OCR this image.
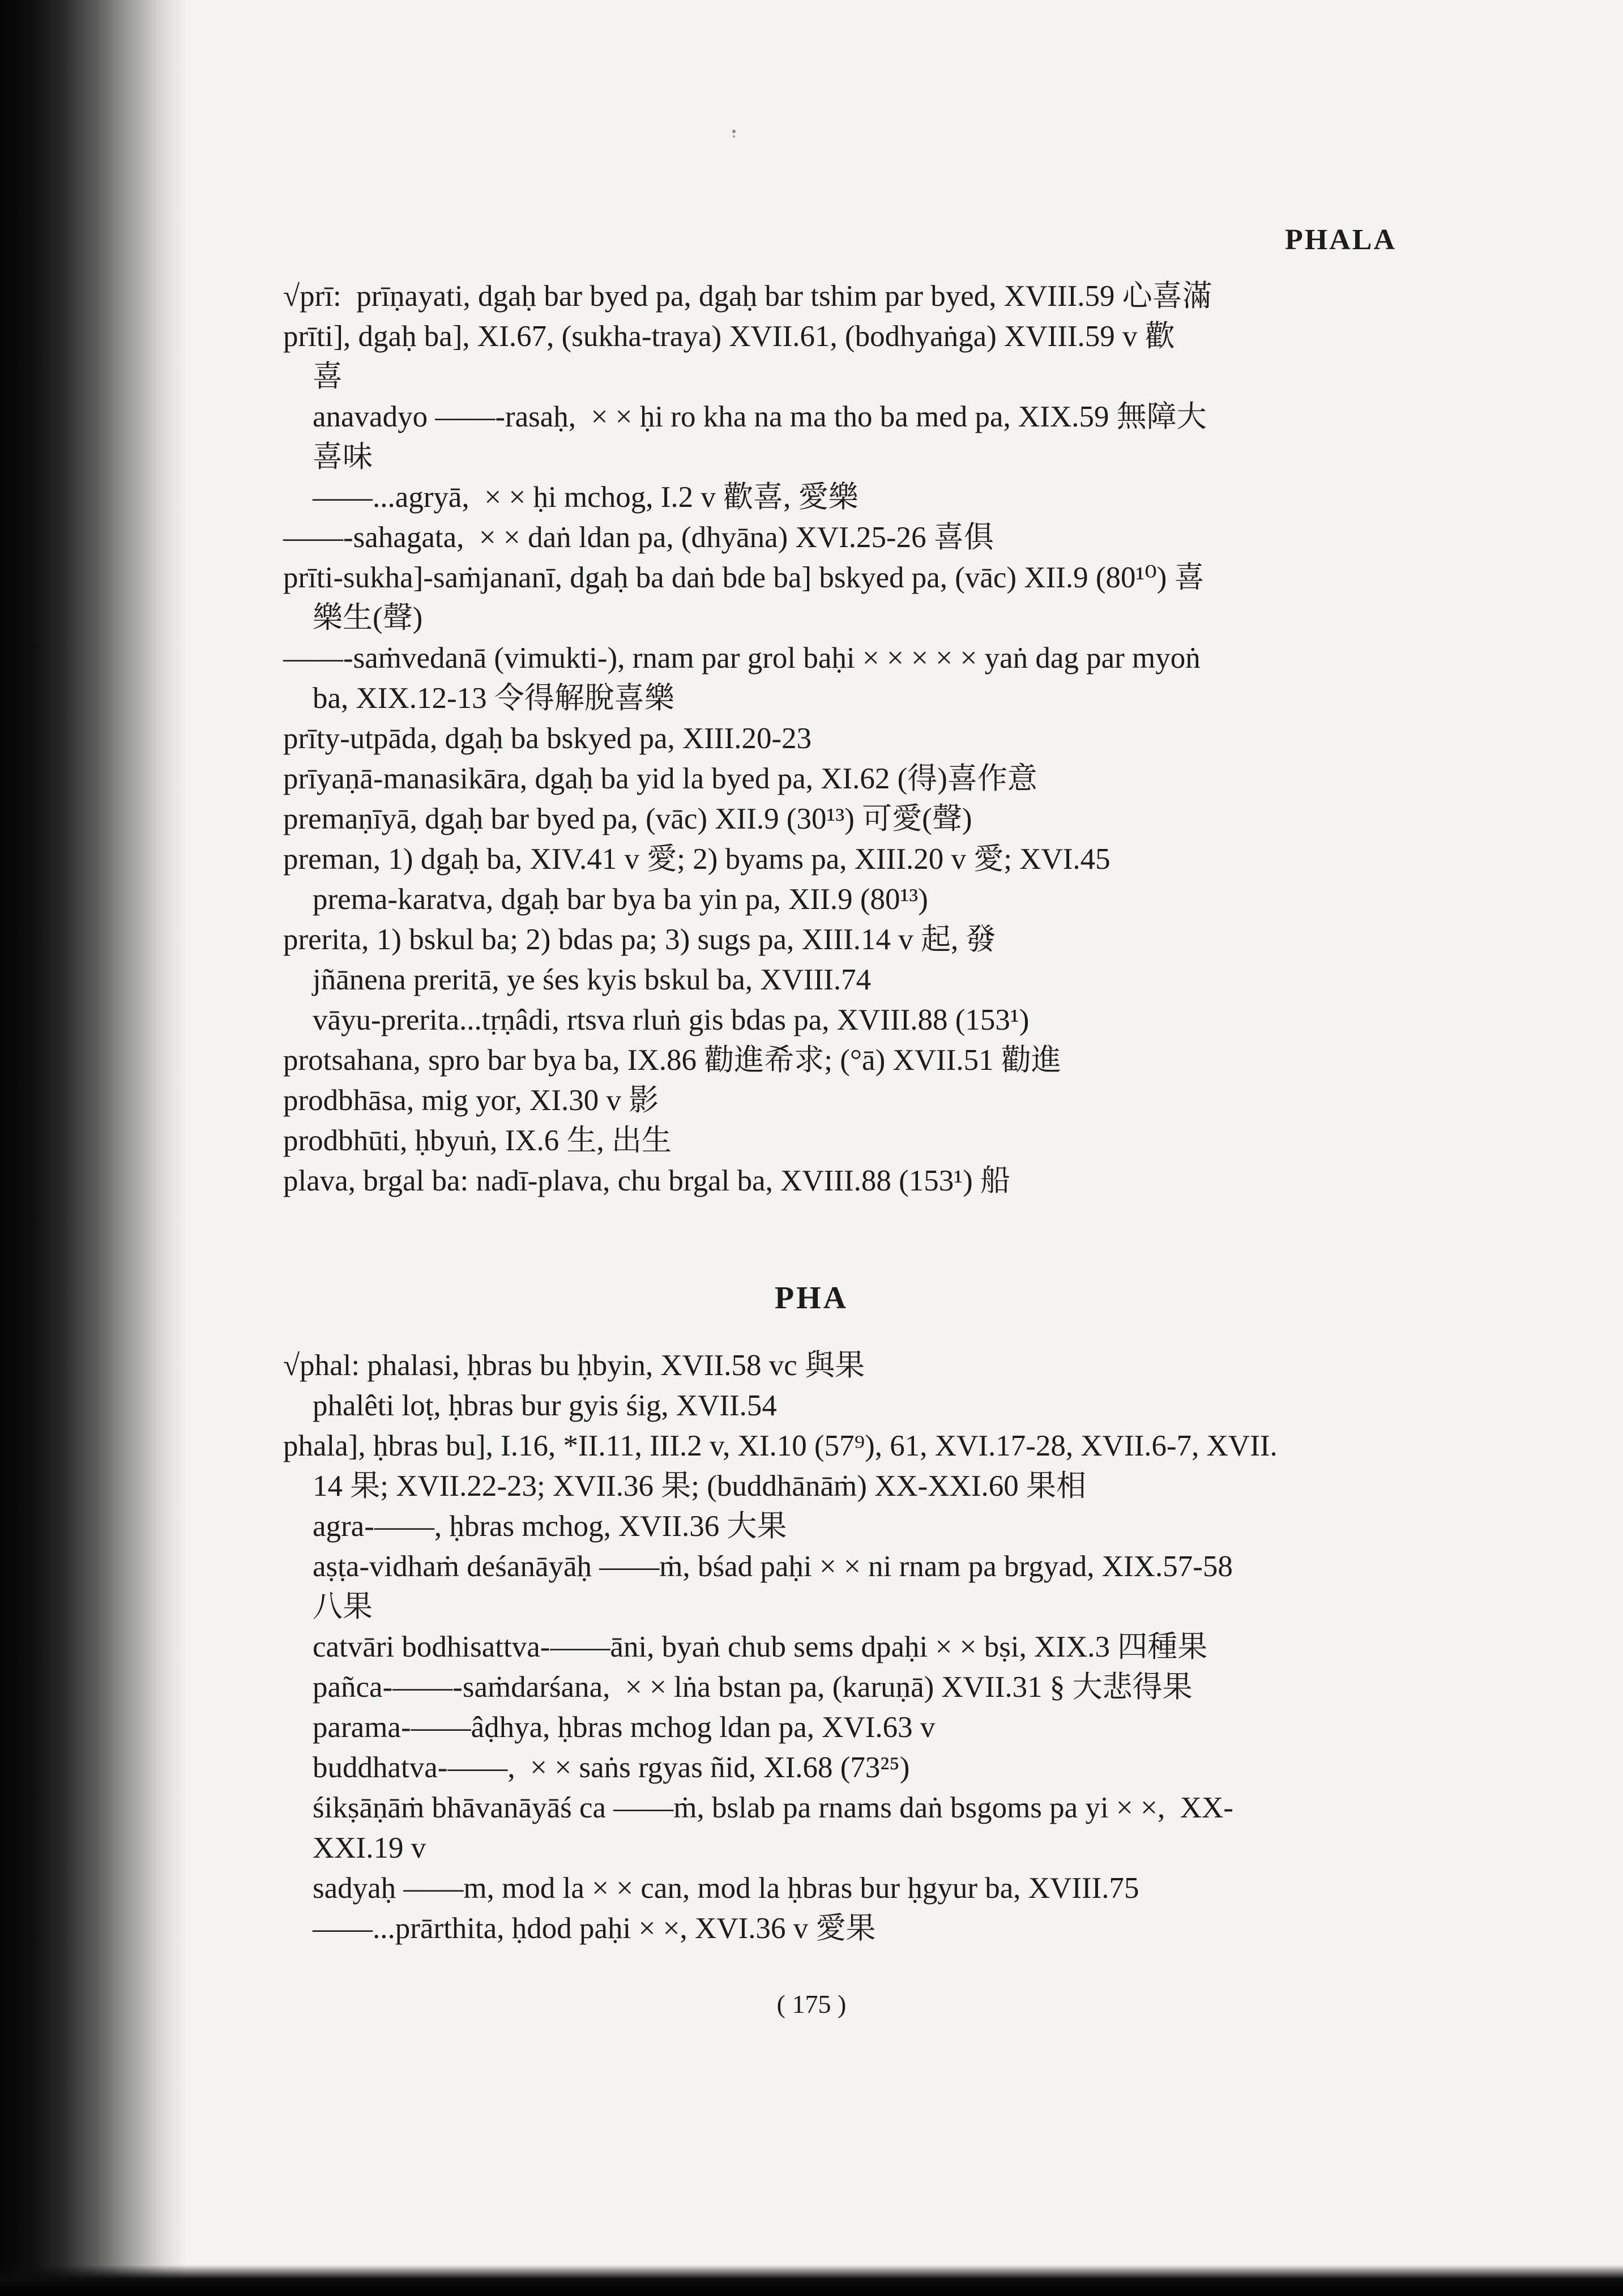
PHALA
√prī:  prīṇayati, dgaḥ bar byed pa, dgaḥ bar tshim par byed, XVIII.59 心喜滿
prīti], dgaḥ ba], XI.67, (sukha-traya) XVII.61, (bodhyaṅga) XVIII.59 v 歡
喜
anavadyo ——-rasaḥ,  × × ḥi ro kha na ma tho ba med pa, XIX.59 無障大
喜味
——...agryā,  × × ḥi mchog, I.2 v 歡喜, 愛樂
——-sahagata,  × × daṅ ldan pa, (dhyāna) XVI.25-26 喜俱
prīti-sukha]-saṁjananī, dgaḥ ba daṅ bde ba] bskyed pa, (vāc) XII.9 (80¹⁰) 喜
樂生(聲)
——-saṁvedanā (vimukti-), rnam par grol baḥi × × × × × yaṅ dag par myoṅ
ba, XIX.12-13 令得解脫喜樂
prīty-utpāda, dgaḥ ba bskyed pa, XIII.20-23
prīyaṇā-manasikāra, dgaḥ ba yid la byed pa, XI.62 (得)喜作意
premaṇīyā, dgaḥ bar byed pa, (vāc) XII.9 (30¹³) 可愛(聲)
preman, 1) dgaḥ ba, XIV.41 v 愛; 2) byams pa, XIII.20 v 愛; XVI.45
prema-karatva, dgaḥ bar bya ba yin pa, XII.9 (80¹³)
prerita, 1) bskul ba; 2) bdas pa; 3) sugs pa, XIII.14 v 起, 發
jñānena preritā, ye śes kyis bskul ba, XVIII.74
vāyu-prerita...tṛṇâdi, rtsva rluṅ gis bdas pa, XVIII.88 (153¹)
protsahana, spro bar bya ba, IX.86 勸進希求; (°ā) XVII.51 勸進
prodbhāsa, mig yor, XI.30 v 影
prodbhūti, ḥbyuṅ, IX.6 生, 出生
plava, brgal ba: nadī-plava, chu brgal ba, XVIII.88 (153¹) 船
PHA
√phal: phalasi, ḥbras bu ḥbyin, XVII.58 vc 與果
phalêti loṭ, ḥbras bur gyis śig, XVII.54
phala], ḥbras bu], I.16, *II.11, III.2 v, XI.10 (57⁹), 61, XVI.17-28, XVII.6-7, XVII.
14 果; XVII.22-23; XVII.36 果; (buddhānāṁ) XX-XXI.60 果相
agra-——, ḥbras mchog, XVII.36 大果
aṣṭa-vidhaṁ deśanāyāḥ ——ṁ, bśad paḥi × × ni rnam pa brgyad, XIX.57-58
八果
catvāri bodhisattva-——āni, byaṅ chub sems dpaḥi × × bṣi, XIX.3 四種果
pañca-——-saṁdarśana,  × × lṅa bstan pa, (karuṇā) XVII.31 § 大悲得果
parama-——âḍhya, ḥbras mchog ldan pa, XVI.63 v
buddhatva-——,  × × saṅs rgyas ñid, XI.68 (73²⁵)
śikṣāṇāṁ bhāvanāyāś ca ——ṁ, bslab pa rnams daṅ bsgoms pa yi × ×,  XX-
XXI.19 v
sadyaḥ ——m, mod la × × can, mod la ḥbras bur ḥgyur ba, XVIII.75
——...prārthita, ḥdod paḥi × ×, XVI.36 v 愛果
( 175 )
